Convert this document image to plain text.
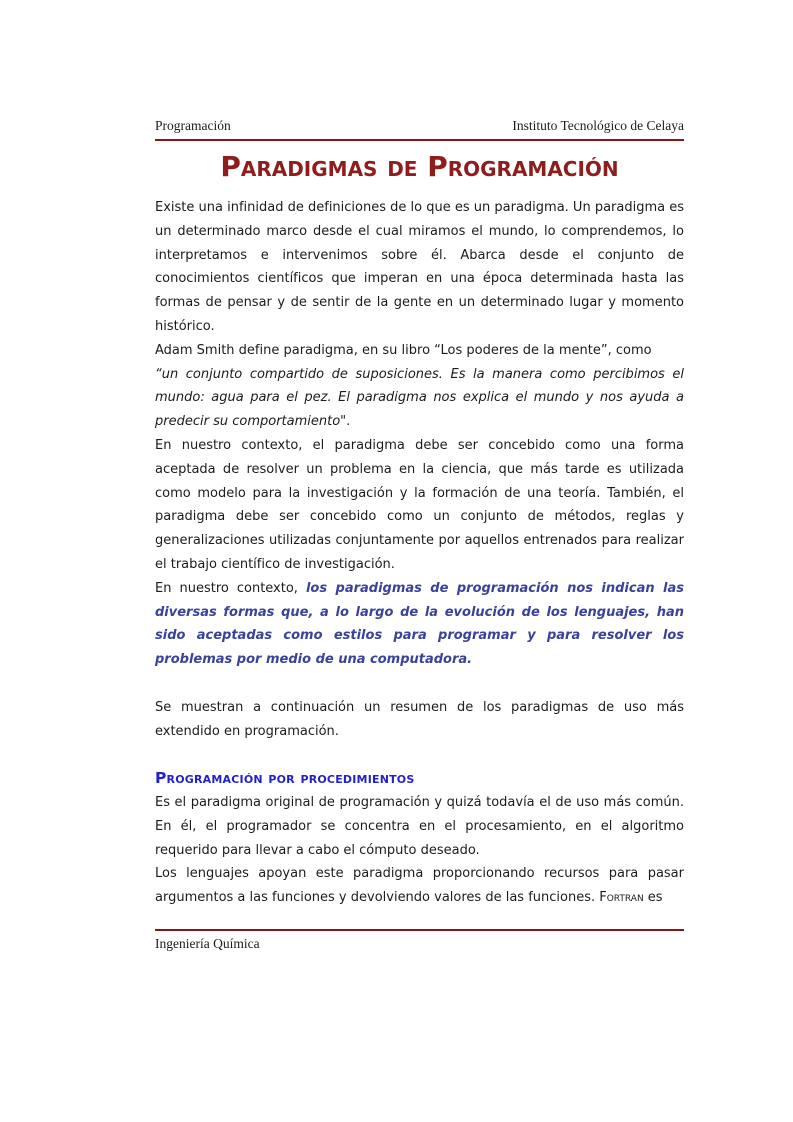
Programación	Instituto Tecnológico de Celaya
Paradigmas de Programación

Existe una infinidad de definiciones de lo que es un paradigma. Un paradigma es un determinado marco desde el cual miramos el mundo, lo comprendemos, lo interpretamos e intervenimos sobre él. Abarca desde el conjunto de conocimientos científicos que imperan en una época determinada hasta las formas de pensar y de sentir de la gente en un determinado lugar y momento histórico.

Adam Smith define paradigma, en su libro “Los poderes de la mente”, como
“un conjunto compartido de suposiciones. Es la manera como percibimos el mundo: agua para el pez. El paradigma nos explica el mundo y nos ayuda a predecir su comportamiento".

En nuestro contexto, el paradigma debe ser concebido como una forma aceptada de resolver un problema en la ciencia, que más tarde es utilizada como modelo para la investigación y la formación de una teoría. También, el paradigma debe ser concebido como un conjunto de métodos, reglas y generalizaciones utilizadas conjuntamente por aquellos entrenados para realizar el trabajo científico de investigación.

En nuestro contexto, los paradigmas de programación nos indican las diversas formas que, a lo largo de la evolución de los lenguajes, han sido aceptadas como estilos para programar y para resolver los problemas por medio de una computadora.

Se muestran a continuación un resumen de los paradigmas de uso más extendido en programación.

Programación por procedimientos

Es el paradigma original de programación y quizá todavía el de uso más común. En él, el programador se concentra en el procesamiento, en el algoritmo requerido para llevar a cabo el cómputo deseado.

Los lenguajes apoyan este paradigma proporcionando recursos para pasar argumentos a las funciones y devolviendo valores de las funciones. Fortran es

Ingeniería Química
